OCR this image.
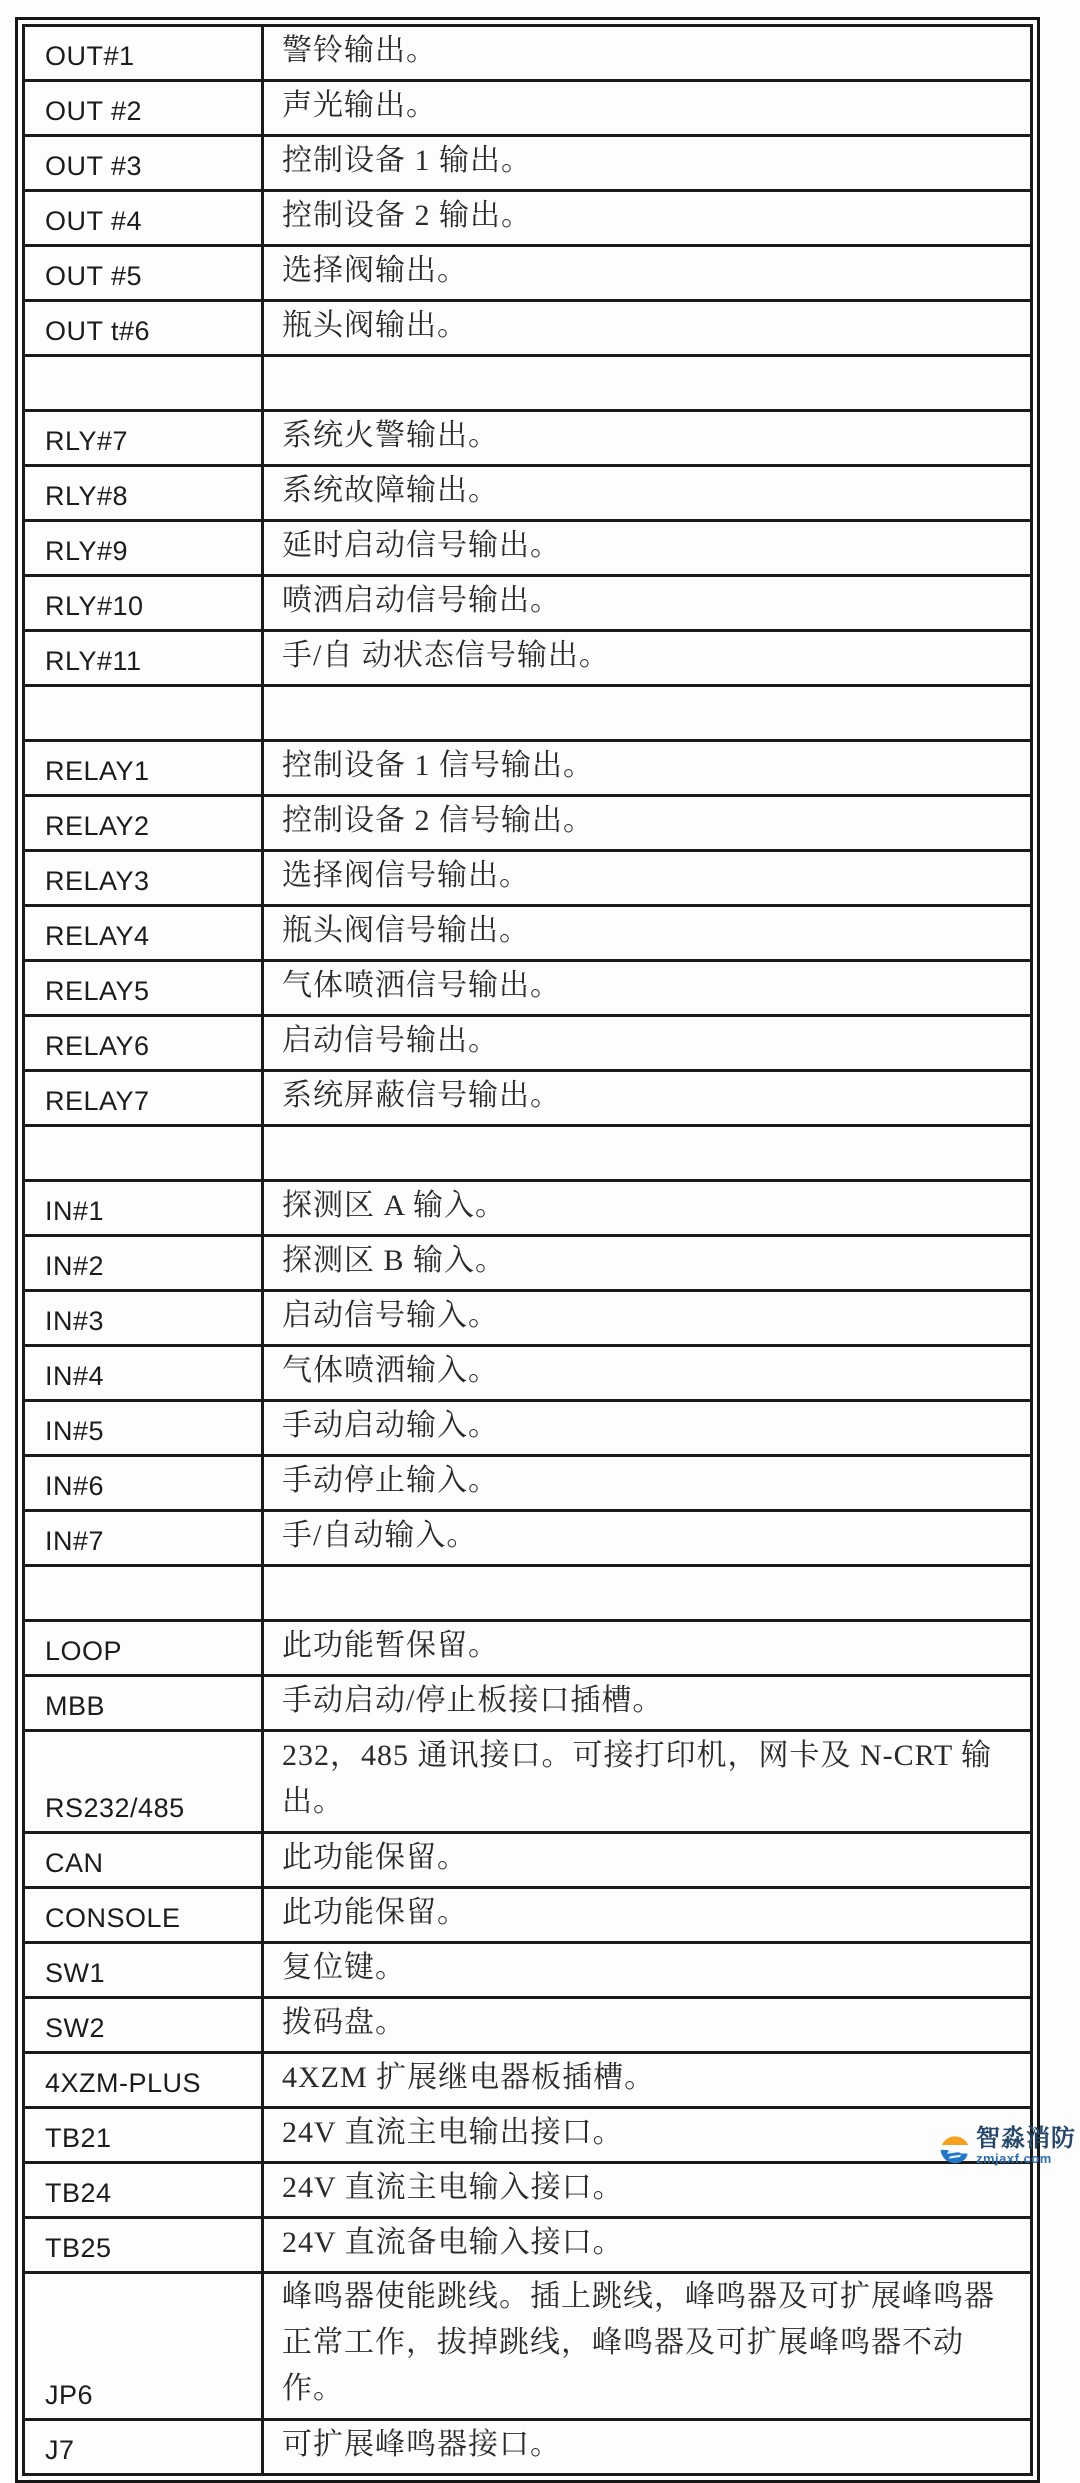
OUT#1	警铃输出。
OUT #2	声光输出。
OUT #3	控制设备 1 输出。
OUT #4	控制设备 2 输出。
OUT #5	选择阀输出。
OUT t#6	瓶头阀输出。

RLY#7	系统火警输出。
RLY#8	系统故障输出。
RLY#9	延时启动信号输出。
RLY#10	喷洒启动信号输出。
RLY#11	手/自 动状态信号输出。

RELAY1	控制设备 1 信号输出。
RELAY2	控制设备 2 信号输出。
RELAY3	选择阀信号输出。
RELAY4	瓶头阀信号输出。
RELAY5	气体喷洒信号输出。
RELAY6	启动信号输出。
RELAY7	系统屏蔽信号输出。

IN#1	探测区 A 输入。
IN#2	探测区 B 输入。
IN#3	启动信号输入。
IN#4	气体喷洒输入。
IN#5	手动启动输入。
IN#6	手动停止输入。
IN#7	手/自动输入。

LOOP	此功能暂保留。
MBB	手动启动/停止板接口插槽。
RS232/485	232，485 通讯接口。可接打印机，网卡及 N-CRT 输出。
CAN	此功能保留。
CONSOLE	此功能保留。
SW1	复位键。
SW2	拨码盘。
4XZM-PLUS	4XZM 扩展继电器板插槽。
TB21	24V 直流主电输出接口。
TB24	24V 直流主电输入接口。
TB25	24V 直流备电输入接口。
JP6	峰鸣器使能跳线。插上跳线，峰鸣器及可扩展峰鸣器正常工作，拔掉跳线，峰鸣器及可扩展峰鸣器不动作。
J7	可扩展峰鸣器接口。
智淼消防
zmjaxf.com
